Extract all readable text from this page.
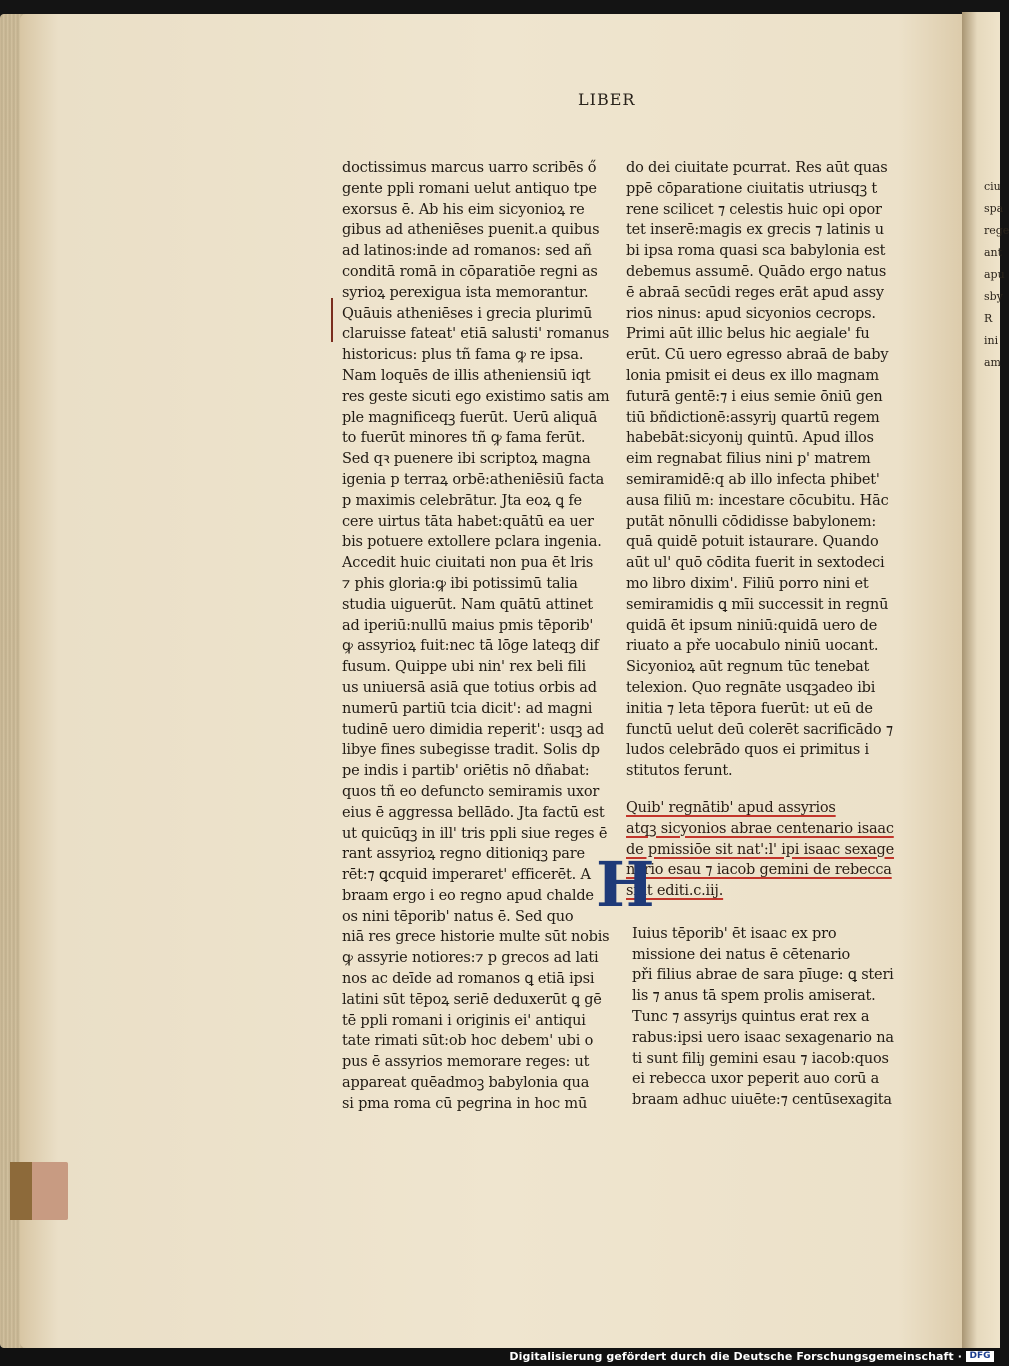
ciu
spa
rege
ant
apu
sby
R
ini
am
LIBER
doctissimus marcus uarro scribēs ő
gente ppli romani uelut antiquo tpe
exorsus ē. Ab his eim sicyonioꝝ re
gibus ad atheniēses puenit.a quibus
ad latinos:inde ad romanos: sed añ
conditā romā in cōparatiōe regni as
syrioꝝ perexigua ista memorantur.
Quāuis atheniēses i grecia plurimū
claruisse fateat' etiā salusti' romanus
historicus: plus tñ fama ꝙ re ipsa.
Nam loquēs de illis atheniensiū iqt
res geste sicuti ego existimo satis am
ple magnificeqꝫ fuerūt. Uerū aliquā
to fuerūt minores tñ ꝙ fama ferūt.
Sed qꝛ puenere ibi scriptoꝝ magna
igenia p terraꝝ orbē:atheniēsiū facta
p maximis celebrātur. Jta eoꝝ ꝗ fe
cere uirtus tāta habet:quātū ea uer
bis potuere extollere pclara ingenia.
Accedit huic ciuitati non pua ēt lris
⁊ phis gloria:ꝙ ibi potissimū talia
studia uiguerūt. Nam quātū attinet
ad iperiū:nullū maius pmis tēporib'
ꝙ assyrioꝝ fuit:nec tā lōge lateqꝫ dif
fusum. Quippe ubi nin' rex beli fili
us uniuersā asiā que totius orbis ad
numerū partiū tcia dicit': ad magni
tudinē uero dimidia reperit': usqꝫ ad
libye fines subegisse tradit. Solis dp
pe indis i partib' oriētis nō dñabat:
quos tñ eo defuncto semiramis uxor
eius ē aggressa bellādo. Jta factū est
ut quicūqꝫ in ill' tris ppli siue reges ē
rant assyrioꝝ regno ditioniqꝫ pare
rēt:⁊ ꝗcquid imperaret' efficerēt. A
braam ergo i eo regno apud chalde
os nini tēporib' natus ē. Sed quo
niā res grece historie multe sūt nobis
ꝙ assyrie notiores:⁊ p grecos ad lati
nos ac deīde ad romanos ꝗ etiā ipsi
latini sūt tēpoꝝ seriē deduxerūt ꝗ gē
tē ppli romani i originis ei' antiqui
tate rimati sūt:ob hoc debem' ubi o
pus ē assyrios memorare reges: ut
appareat quēadmoꝫ babylonia qua
si pma roma cū pegrina in hoc mū
do dei ciuitate pcurrat. Res aūt quas
ppē cōparatione ciuitatis utriusqꝫ t
rene scilicet ⁊ celestis huic opi opor
tet inserē:magis ex grecis ⁊ latinis u
bi ipsa roma quasi sca babylonia est
debemus assumē. Quādo ergo natus
ē abraā secūdi reges erāt apud assy
rios ninus: apud sicyonios cecrops.
Primi aūt illic belus hic aegiale' fu
erūt. Cū uero egresso abraā de baby
lonia pmisit ei deus ex illo magnam
futurā gentē:⁊ i eius semie ōniū gen
tiū bñdictionē:assyriȷ quartū regem
habebāt:sicyoniȷ quintū. Apud illos
eim regnabat filius nini p' matrem
semiramidē:q ab illo infecta phibet'
ausa filiū m: incestare cōcubitu. Hāc
putāt nōnulli cōdidisse babylonem:
quā quidē potuit istaurare. Quando
aūt ul' quō cōdita fuerit in sextodeci
mo libro dixim'. Filiū porro nini et
semiramidis ꝗ mīi successit in regnū
quidā ēt ipsum niniū:quidā uero de
riuato a pře uocabulo niniū uocant.
Sicyonioꝝ aūt regnum tūc tenebat
telexion. Quo regnāte usqꝫadeo ibi
initia ⁊ leta tēpora fuerūt: ut eū de
functū uelut deū colerēt sacrificādo ⁊
ludos celebrādo quos ei primitus i
stitutos ferunt.
Quib' regnātib' apud assyrios
atqꝫ sicyonios abrae centenario isaac
de pmissiōe sit nat':l' ipi isaac sexage
nario esau ⁊ iacob gemini de rebecca
sint editi.c.iij.
Iuius tēporib' ēt isaac ex pro
missione dei natus ē cētenario
při filius abrae de sara pīuge: ꝗ steri
lis ⁊ anus tā spem prolis amiserat.
Tunc ⁊ assyriȷs quintus erat rex a
rabus:ipsi uero isaac sexagenario na
ti sunt filiȷ gemini esau ⁊ iacob:quos
ei rebecca uxor peperit auo corū a
braam adhuc uiuēte:⁊ centūsexagita
H
Digitalisierung gefördert durch die Deutsche Forschungsgemeinschaft · DFG
